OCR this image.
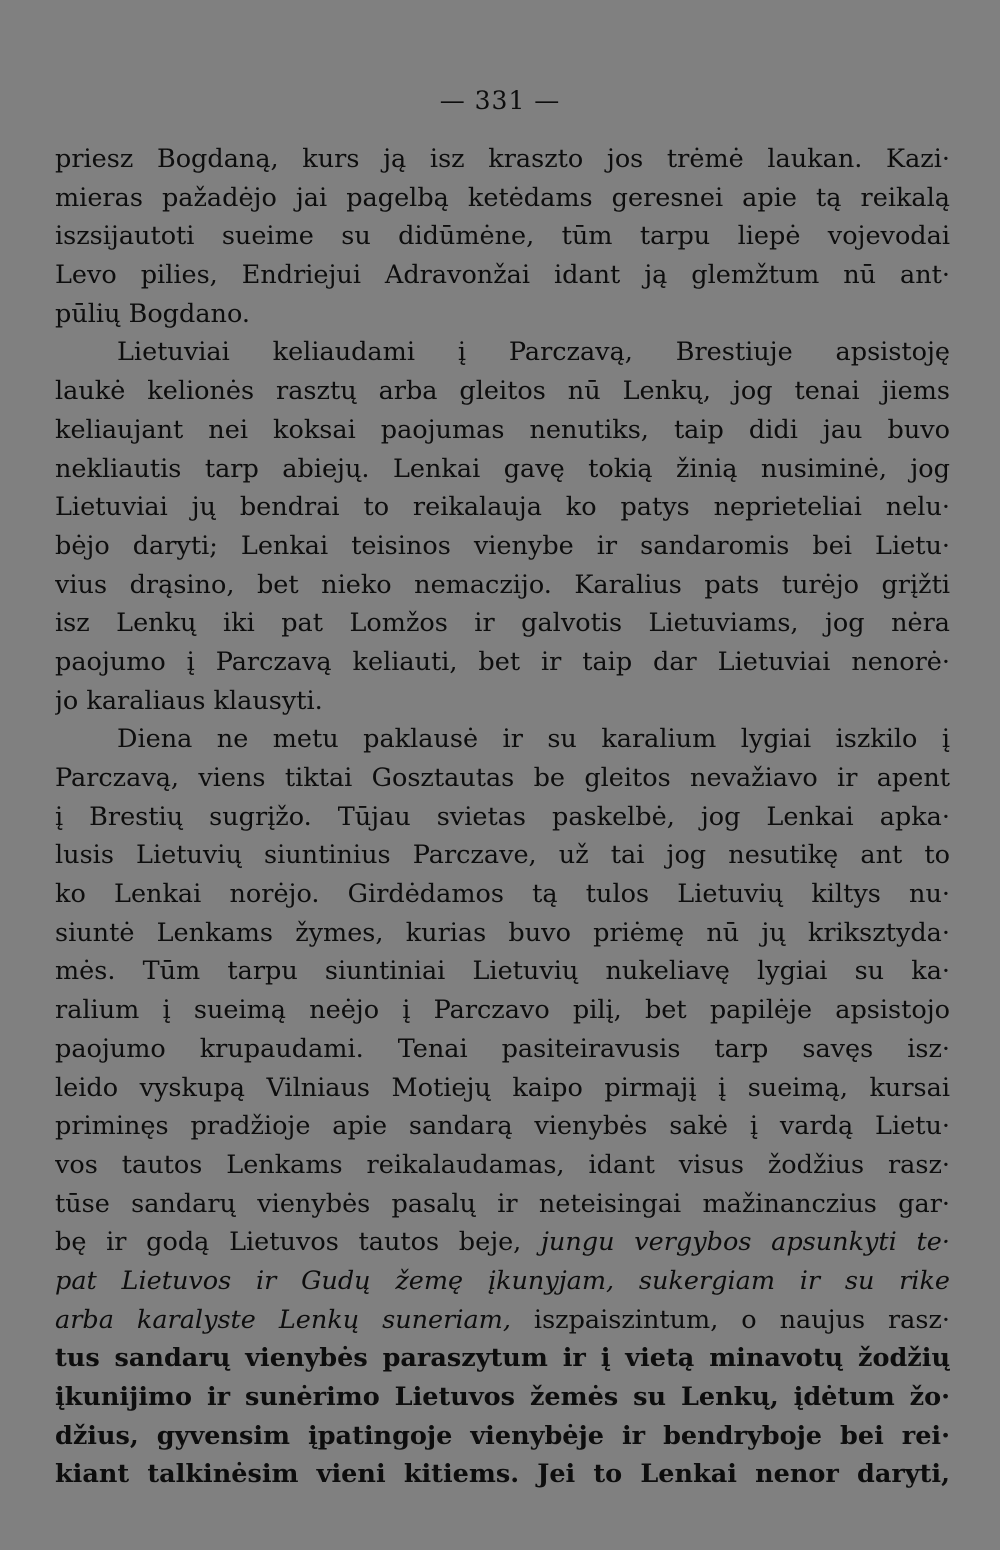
— 331 —
priesz Bogdaną, kurs ją isz kraszto jos trėmė laukan. Kazi·
mieras pažadėjo jai pagelbą ketėdams geresnei apie tą reikalą
iszsijautoti sueime su didūmėne, tūm tarpu liepė vojevodai
Levo pilies, Endriejui Adravonžai idant ją glemžtum nū ant·
pūlių Bogdano.
Lietuviai keliaudami į Parczavą, Brestiuje apsistoję
laukė kelionės rasztų arba gleitos nū Lenkų, jog tenai jiems
keliaujant nei koksai paojumas nenutiks, taip didi jau buvo
nekliautis tarp abiejų. Lenkai gavę tokią žinią nusiminė, jog
Lietuviai jų bendrai to reikalauja ko patys neprieteliai nelu·
bėjo daryti; Lenkai teisinos vienybe ir sandaromis bei Lietu·
vius drąsino, bet nieko nemaczijo. Karalius pats turėjo grįžti
isz Lenkų iki pat Lomžos ir galvotis Lietuviams, jog nėra
paojumo į Parczavą keliauti, bet ir taip dar Lietuviai nenorė·
jo karaliaus klausyti.
Diena ne metu paklausė ir su karalium lygiai iszkilo į
Parczavą, viens tiktai Gosztautas be gleitos nevažiavo ir apent
į Brestių sugrįžo. Tūjau svietas paskelbė, jog Lenkai apka·
lusis Lietuvių siuntinius Parczave, už tai jog nesutikę ant to
ko Lenkai norėjo. Girdėdamos tą tulos Lietuvių kiltys nu·
siuntė Lenkams žymes, kurias buvo priėmę nū jų kriksztyda·
mės. Tūm tarpu siuntiniai Lietuvių nukeliavę lygiai su ka·
ralium į sueimą neėjo į Parczavo pilį, bet papilėje apsistojo
paojumo krupaudami. Tenai pasiteiravusis tarp savęs isz·
leido vyskupą Vilniaus Motiejų kaipo pirmajį į sueimą, kursai
priminęs pradžioje apie sandarą vienybės sakė į vardą Lietu·
vos tautos Lenkams reikalaudamas, idant visus žodžius rasz·
tūse sandarų vienybės pasalų ir neteisingai mažinanczius gar·
bę ir godą Lietuvos tautos beje, jungu vergybos apsunkyti te·
pat Lietuvos ir Gudų žemę įkunyjam, sukergiam ir su rike
arba karalyste Lenkų suneriam, iszpaiszintum, o naujus rasz·
tus sandarų vienybės paraszytum ir į vietą minavotų žodžių
įkunijimo ir sunėrimo Lietuvos žemės su Lenkų, įdėtum žo·
džius, gyvensim įpatingoje vienybėje ir bendryboje bei rei·
kiant talkinėsim vieni kitiems. Jei to Lenkai nenor daryti,
